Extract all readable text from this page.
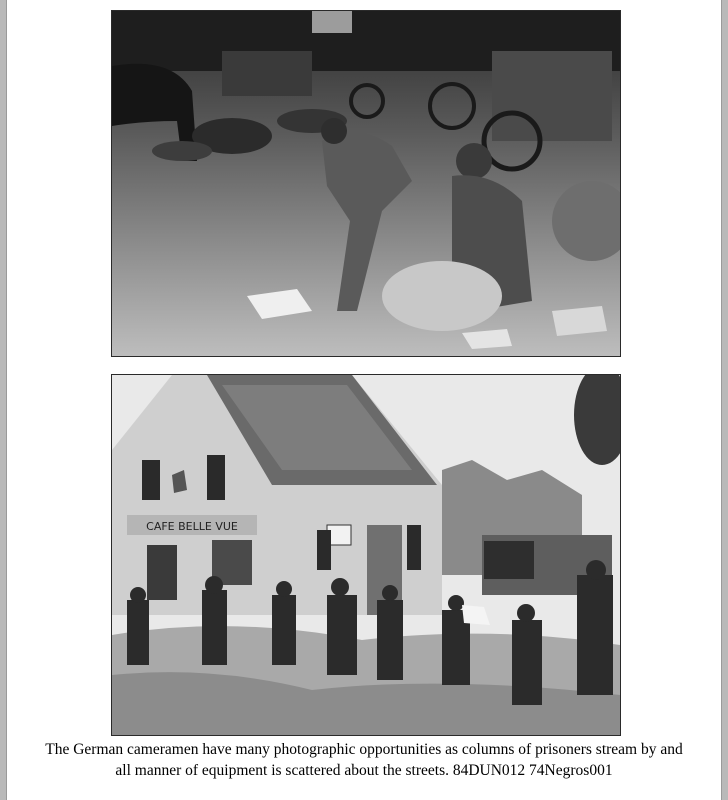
CAFE BELLE VUE
The German cameramen have many photographic opportunities as columns of prisoners stream by and
all manner of equipment is scattered about the streets. 84DUN012 74Negros001
